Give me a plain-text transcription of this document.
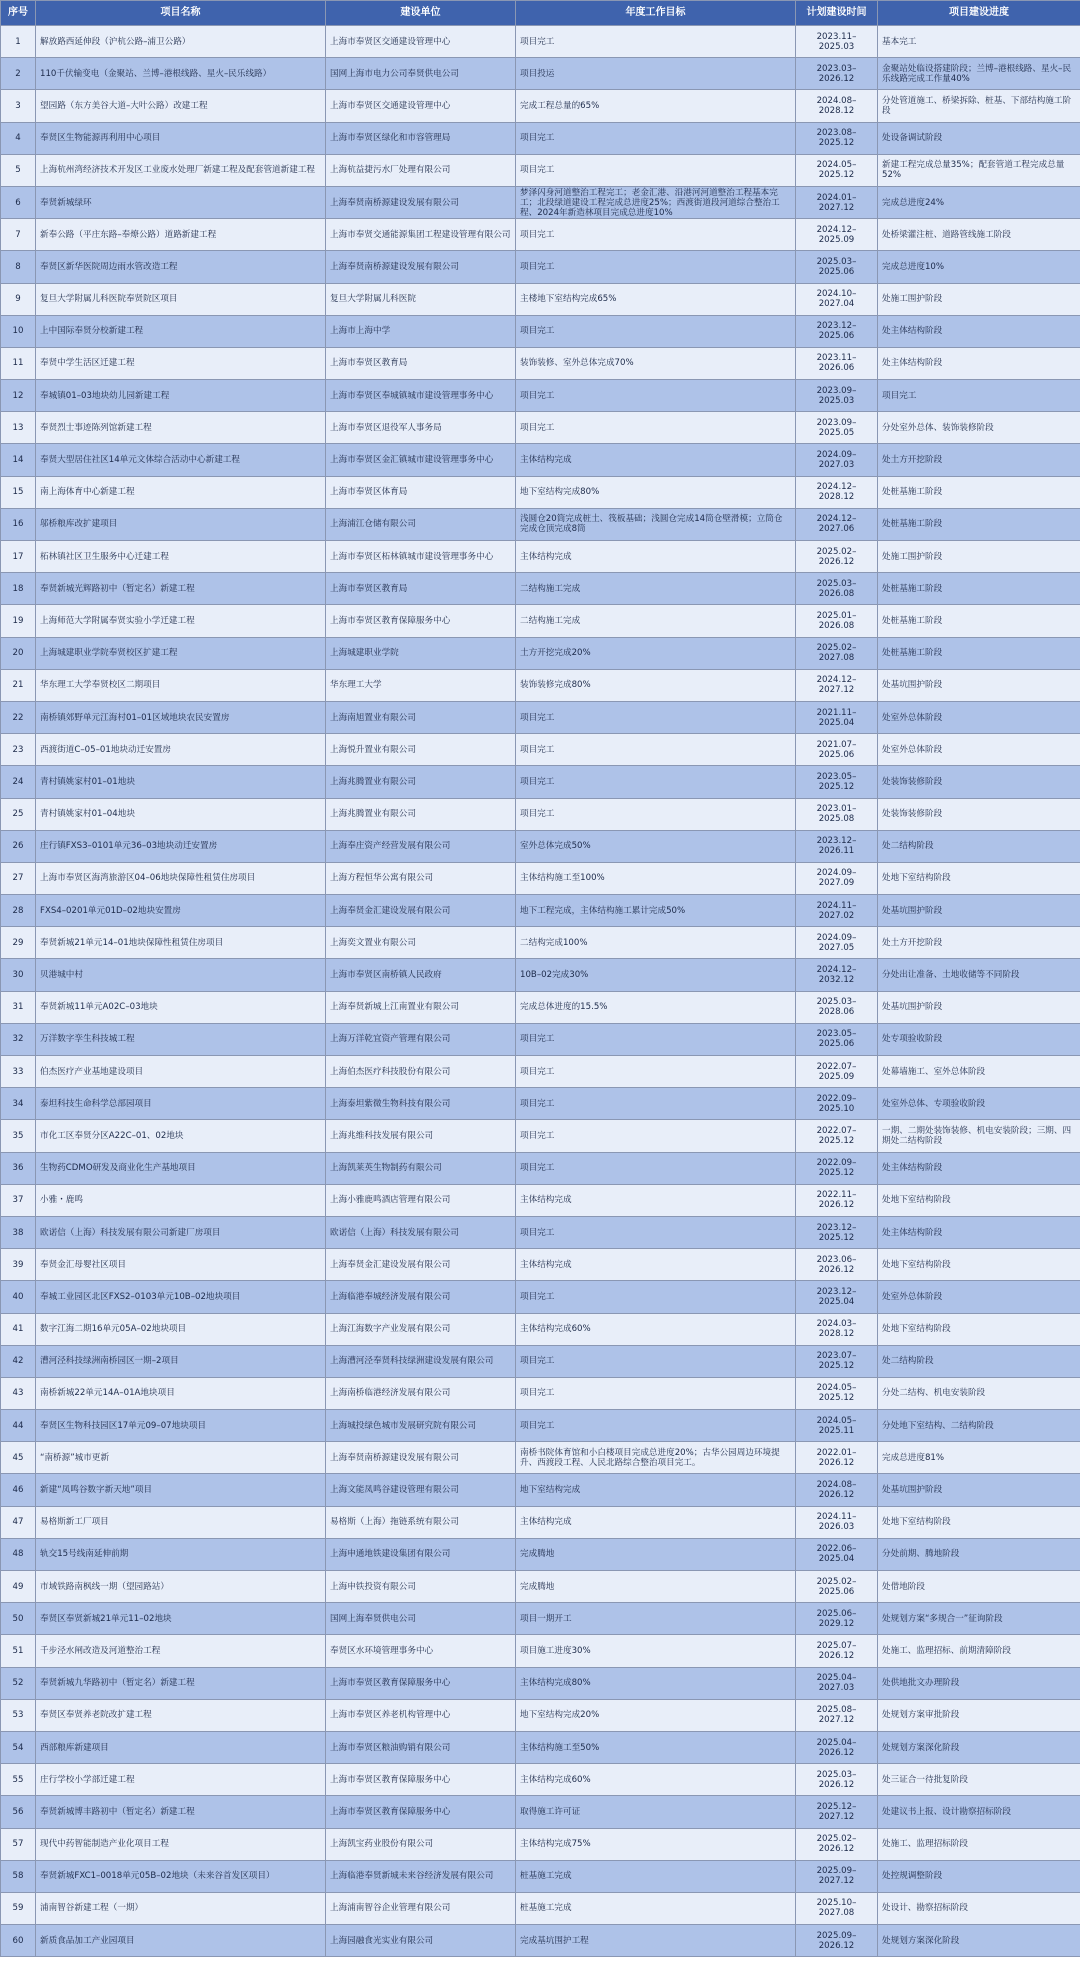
序号	项目名称	建设单位	年度工作目标	计划建设时间	项目建设进度
1	解放路西延伸段（沪杭公路–浦卫公路）	上海市奉贤区交通建设管理中心	项目完工	2023.11–2025.03	基本完工
2	110千伏输变电（金聚站、兰博–港根线路、星火–民乐线路）	国网上海市电力公司奉贤供电公司	项目投运	2023.03–2026.12	金聚站处临设搭建阶段；兰博–港根线路、星火–民乐线路完成工作量40%
3	望园路（东方美谷大道–大叶公路）改建工程	上海市奉贤区交通建设管理中心	完成工程总量的65%	2024.08–2028.12	分处管道施工、桥梁拆除、桩基、下部结构施工阶段
4	奉贤区生物能源再利用中心项目	上海市奉贤区绿化和市容管理局	项目完工	2023.08–2025.12	处设备调试阶段
5	上海杭州湾经济技术开发区工业废水处理厂新建工程及配套管道新建工程	上海杭益捷污水厂处理有限公司	项目完工	2024.05–2025.12	新建工程完成总量35%；配套管道工程完成总量52%
6	奉贤新城绿环	上海奉贤南桥源建设发展有限公司	梦泽闪身河道整治工程完工；老金汇港、沿港河河道整治工程基本完工；北段绿道建设工程完成总进度25%；西渡街道段河道综合整治工程、2024年新造林项目完成总进度10%	2024.01–2027.12	完成总进度24%
7	新奉公路（平庄东路–奉燎公路）道路新建工程	上海市奉贤交通能源集团工程建设管理有限公司	项目完工	2024.12–2025.09	处桥梁灌注桩、道路管线施工阶段
8	奉贤区新华医院周边雨水管改造工程	上海奉贤南桥源建设发展有限公司	项目完工	2025.03–2025.06	完成总进度10%
9	复旦大学附属儿科医院奉贤院区项目	复旦大学附属儿科医院	主楼地下室结构完成65%	2024.10–2027.04	处施工围护阶段
10	上中国际奉贤分校新建工程	上海市上海中学	项目完工	2023.12–2025.06	处主体结构阶段
11	奉贤中学生活区迁建工程	上海市奉贤区教育局	装饰装修、室外总体完成70%	2023.11–2026.06	处主体结构阶段
12	奉城镇01–03地块幼儿园新建工程	上海市奉贤区奉城镇城市建设管理事务中心	项目完工	2023.09–2025.03	项目完工
13	奉贤烈士事迹陈列馆新建工程	上海市奉贤区退役军人事务局	项目完工	2023.09–2025.05	分处室外总体、装饰装修阶段
14	奉贤大型居住社区14单元文体综合活动中心新建工程	上海市奉贤区金汇镇城市建设管理事务中心	主体结构完成	2024.09–2027.03	处土方开挖阶段
15	南上海体育中心新建工程	上海市奉贤区体育局	地下室结构完成80%	2024.12–2028.12	处桩基施工阶段
16	邬桥粮库改扩建项目	上海浦江仓储有限公司	浅圆仓20筒完成桩土、筏板基础；浅圆仓完成14筒仓壁滑模；立筒仓完成仓顶完成8筒	2024.12–2027.06	处桩基施工阶段
17	柘林镇社区卫生服务中心迁建工程	上海市奉贤区柘林镇城市建设管理事务中心	主体结构完成	2025.02–2026.12	处施工围护阶段
18	奉贤新城光辉路初中（暂定名）新建工程	上海市奉贤区教育局	二结构施工完成	2025.03–2026.08	处桩基施工阶段
19	上海师范大学附属奉贤实验小学迁建工程	上海市奉贤区教育保障服务中心	二结构施工完成	2025.01–2026.08	处桩基施工阶段
20	上海城建职业学院奉贤校区扩建工程	上海城建职业学院	土方开挖完成20%	2025.02–2027.08	处桩基施工阶段
21	华东理工大学奉贤校区二期项目	华东理工大学	装饰装修完成80%	2024.12–2027.12	处基坑围护阶段
22	南桥镇郊野单元江海村01–01区域地块农民安置房	上海南旭置业有限公司	项目完工	2021.11–2025.04	处室外总体阶段
23	西渡街道C–05–01地块动迁安置房	上海悦升置业有限公司	项目完工	2021.07–2025.06	处室外总体阶段
24	青村镇姚家村01–01地块	上海兆腾置业有限公司	项目完工	2023.05–2025.12	处装饰装修阶段
25	青村镇姚家村01–04地块	上海兆腾置业有限公司	项目完工	2023.01–2025.08	处装饰装修阶段
26	庄行镇FXS3–0101单元36–03地块动迁安置房	上海奉庄资产经营发展有限公司	室外总体完成50%	2023.12–2026.11	处二结构阶段
27	上海市奉贤区海湾旅游区04–06地块保障性租赁住房项目	上海方程恒华公寓有限公司	主体结构施工至100%	2024.09–2027.09	处地下室结构阶段
28	FXS4–0201单元01D–02地块安置房	上海奉贤金汇建设发展有限公司	地下工程完成，主体结构施工累计完成50%	2024.11–2027.02	处基坑围护阶段
29	奉贤新城21单元14–01地块保障性租赁住房项目	上海奕文置业有限公司	二结构完成100%	2024.09–2027.05	处土方开挖阶段
30	贝港城中村	上海市奉贤区南桥镇人民政府	10B–02完成30%	2024.12–2032.12	分处出让准备、土地收储等不同阶段
31	奉贤新城11单元A02C–03地块	上海奉贤新城上江南置业有限公司	完成总体进度的15.5%	2025.03–2028.06	处基坑围护阶段
32	万洋数字孪生科技城工程	上海万洋乾宜资产管理有限公司	项目完工	2023.05–2025.06	处专项验收阶段
33	伯杰医疗产业基地建设项目	上海伯杰医疗科技股份有限公司	项目完工	2022.07–2025.09	处幕墙施工、室外总体阶段
34	泰坦科技生命科学总部园项目	上海泰坦紫微生物科技有限公司	项目完工	2022.09–2025.10	处室外总体、专项验收阶段
35	市化工区奉贤分区A22C–01、02地块	上海兆维科技发展有限公司	项目完工	2022.07–2025.12	一期、二期处装饰装修、机电安装阶段；三期、四期处二结构阶段
36	生物药CDMO研发及商业化生产基地项目	上海凯莱英生物制药有限公司	项目完工	2022.09–2025.12	处主体结构阶段
37	小雅・鹿鸣	上海小雅鹿鸣酒店管理有限公司	主体结构完成	2022.11–2026.12	处地下室结构阶段
38	欧诺信（上海）科技发展有限公司新建厂房项目	欧诺信（上海）科技发展有限公司	项目完工	2023.12–2025.12	处主体结构阶段
39	奉贤金汇母婴社区项目	上海奉贤金汇建设发展有限公司	主体结构完成	2023.06–2026.12	处地下室结构阶段
40	奉城工业园区北区FXS2–0103单元10B–02地块项目	上海临港奉城经济发展有限公司	项目完工	2023.12–2025.04	处室外总体阶段
41	数字江海二期16单元05A–02地块项目	上海江海数字产业发展有限公司	主体结构完成60%	2024.03–2028.12	处地下室结构阶段
42	漕河泾科技绿洲南桥园区一期–2项目	上海漕河泾奉贤科技绿洲建设发展有限公司	项目完工	2023.07–2025.12	处二结构阶段
43	南桥新城22单元14A–01A地块项目	上海南桥临港经济发展有限公司	项目完工	2024.05–2025.12	分处二结构、机电安装阶段
44	奉贤区生物科技园区17单元09–07地块项目	上海城投绿色城市发展研究院有限公司	项目完工	2024.05–2025.11	分处地下室结构、二结构阶段
45	“南桥源”城市更新	上海奉贤南桥源建设发展有限公司	南桥书院体育馆和小白楼项目完成总进度20%；古华公园周边环境提升、西渡段工程、人民北路综合整治项目完工。	2022.01–2026.12	完成总进度81%
46	新建“凤鸣谷数字新天地”项目	上海文能凤鸣谷建设管理有限公司	地下室结构完成	2024.08–2026.12	处基坑围护阶段
47	易格斯新工厂项目	易格斯（上海）拖链系统有限公司	主体结构完成	2024.11–2026.03	处地下室结构阶段
48	轨交15号线南延伸前期	上海申通地铁建设集团有限公司	完成腾地	2022.06–2025.04	分处前期、腾地阶段
49	市域铁路南枫线一期（望园路站）	上海申铁投资有限公司	完成腾地	2025.02–2025.06	处借地阶段
50	奉贤区奉贤新城21单元11–02地块	国网上海奉贤供电公司	项目一期开工	2025.06–2029.12	处规划方案“多规合一”征询阶段
51	千步泾水闸改造及河道整治工程	奉贤区水环境管理事务中心	项目施工进度30%	2025.07–2026.12	处施工、监理招标、前期清障阶段
52	奉贤新城九华路初中（暂定名）新建工程	上海市奉贤区教育保障服务中心	主体结构完成80%	2025.04–2027.03	处供地批文办理阶段
53	奉贤区奉贤养老院改扩建工程	上海市奉贤区养老机构管理中心	地下室结构完成20%	2025.08–2027.12	处规划方案审批阶段
54	西部粮库新建项目	上海市奉贤区粮油购销有限公司	主体结构施工至50%	2025.04–2026.12	处规划方案深化阶段
55	庄行学校小学部迁建工程	上海市奉贤区教育保障服务中心	主体结构完成60%	2025.03–2026.12	处三证合一待批复阶段
56	奉贤新城博丰路初中（暂定名）新建工程	上海市奉贤区教育保障服务中心	取得施工许可证	2025.12–2027.12	处建议书上报、设计勘察招标阶段
57	现代中药智能制造产业化项目工程	上海凯宝药业股份有限公司	主体结构完成75%	2025.02–2026.12	处施工、监理招标阶段
58	奉贤新城FXC1–0018单元05B–02地块（未来谷首发区项目）	上海临港奉贤新城未来谷经济发展有限公司	桩基施工完成	2025.09–2027.12	处控规调整阶段
59	浦南智谷新建工程（一期）	上海浦南智谷企业管理有限公司	桩基施工完成	2025.10–2027.08	处设计、勘察招标阶段
60	新质食品加工产业园项目	上海园融食光实业有限公司	完成基坑围护工程	2025.09–2026.12	处规划方案深化阶段
